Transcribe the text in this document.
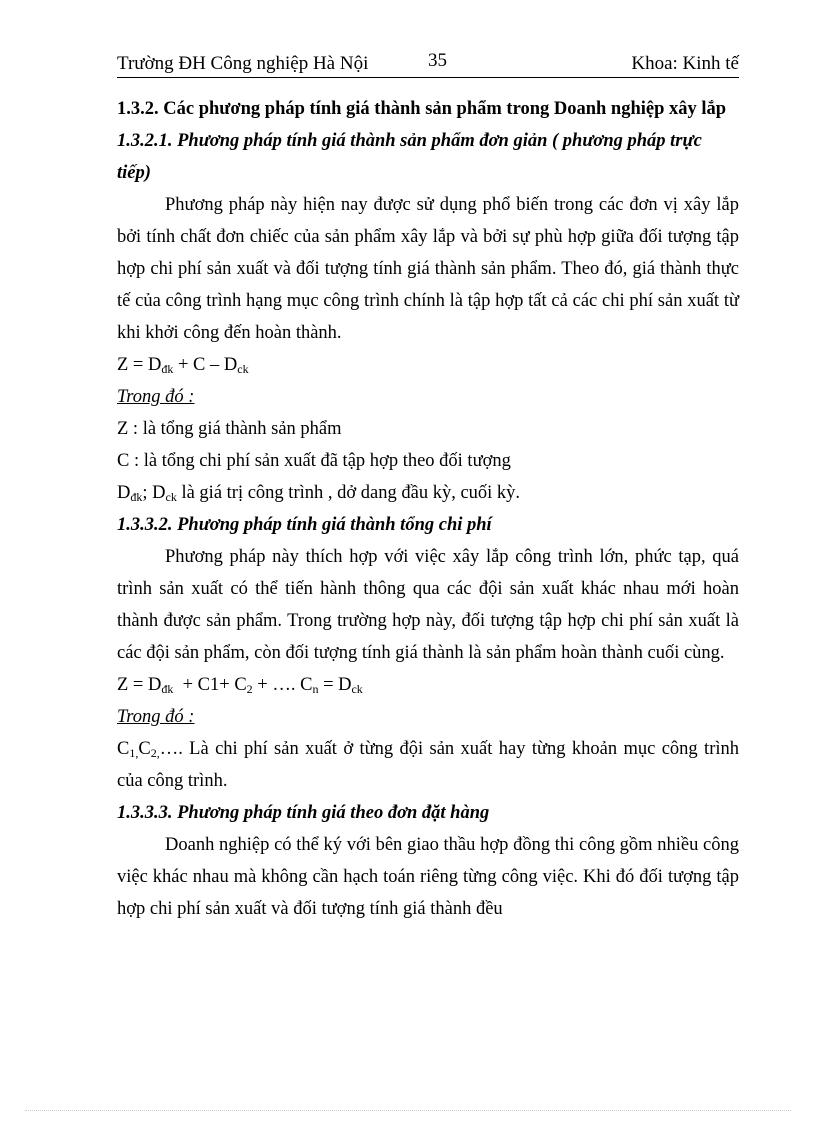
Trường ĐH Công nghiệp Hà Nội	35	Khoa: Kinh tế

1.3.2. Các phương pháp tính giá thành sản phẩm trong Doanh nghiệp xây lắp

1.3.2.1. Phương pháp tính giá thành sản phẩm đơn giản ( phương pháp trực tiếp)

Phương pháp này hiện nay được sử dụng phổ biến trong các đơn vị xây lắp bởi tính chất đơn chiếc của sản phẩm xây lắp và bởi sự phù hợp giữa đối tượng tập hợp chi phí sản xuất và đối tượng tính giá thành sản phẩm. Theo đó, giá thành thực tế của công trình hạng mục công trình chính là tập hợp tất cả các chi phí sản xuất từ khi khởi công đến hoàn thành.

$Z = D_{đk} + C - D_{ck}$

Trong đó :

Z : là tổng giá thành sản phẩm

C : là tổng chi phí sản xuất đã tập hợp theo đối tượng

$D_{đk}$; $D_{ck}$ là giá trị công trình , dở dang đầu kỳ, cuối kỳ.

1.3.3.2. Phương pháp tính giá thành tổng chi phí

Phương pháp này thích hợp với việc xây lắp công trình lớn, phức tạp, quá trình sản xuất có thể tiến hành thông qua các đội sản xuất khác nhau mới hoàn thành được sản phẩm. Trong trường hợp này, đối tượng tập hợp chi phí sản xuất là các đội sản phẩm, còn đối tượng tính giá thành là sản phẩm hoàn thành cuối cùng.

$Z = D_{đk} + C1+ C_2$ + …. $C_n = D_{ck}$

Trong đó :

$C_{1,}C_{2,}\dots$. Là chi phí sản xuất ở từng đội sản xuất hay từng khoản mục công trình của công trình.

1.3.3.3. Phương pháp tính giá theo đơn đặt hàng

Doanh nghiệp có thể ký với bên giao thầu hợp đồng thi công gồm nhiều công việc khác nhau mà không cần hạch toán riêng từng công việc. Khi đó đối tượng tập hợp chi phí sản xuất và đối tượng tính giá thành đều
